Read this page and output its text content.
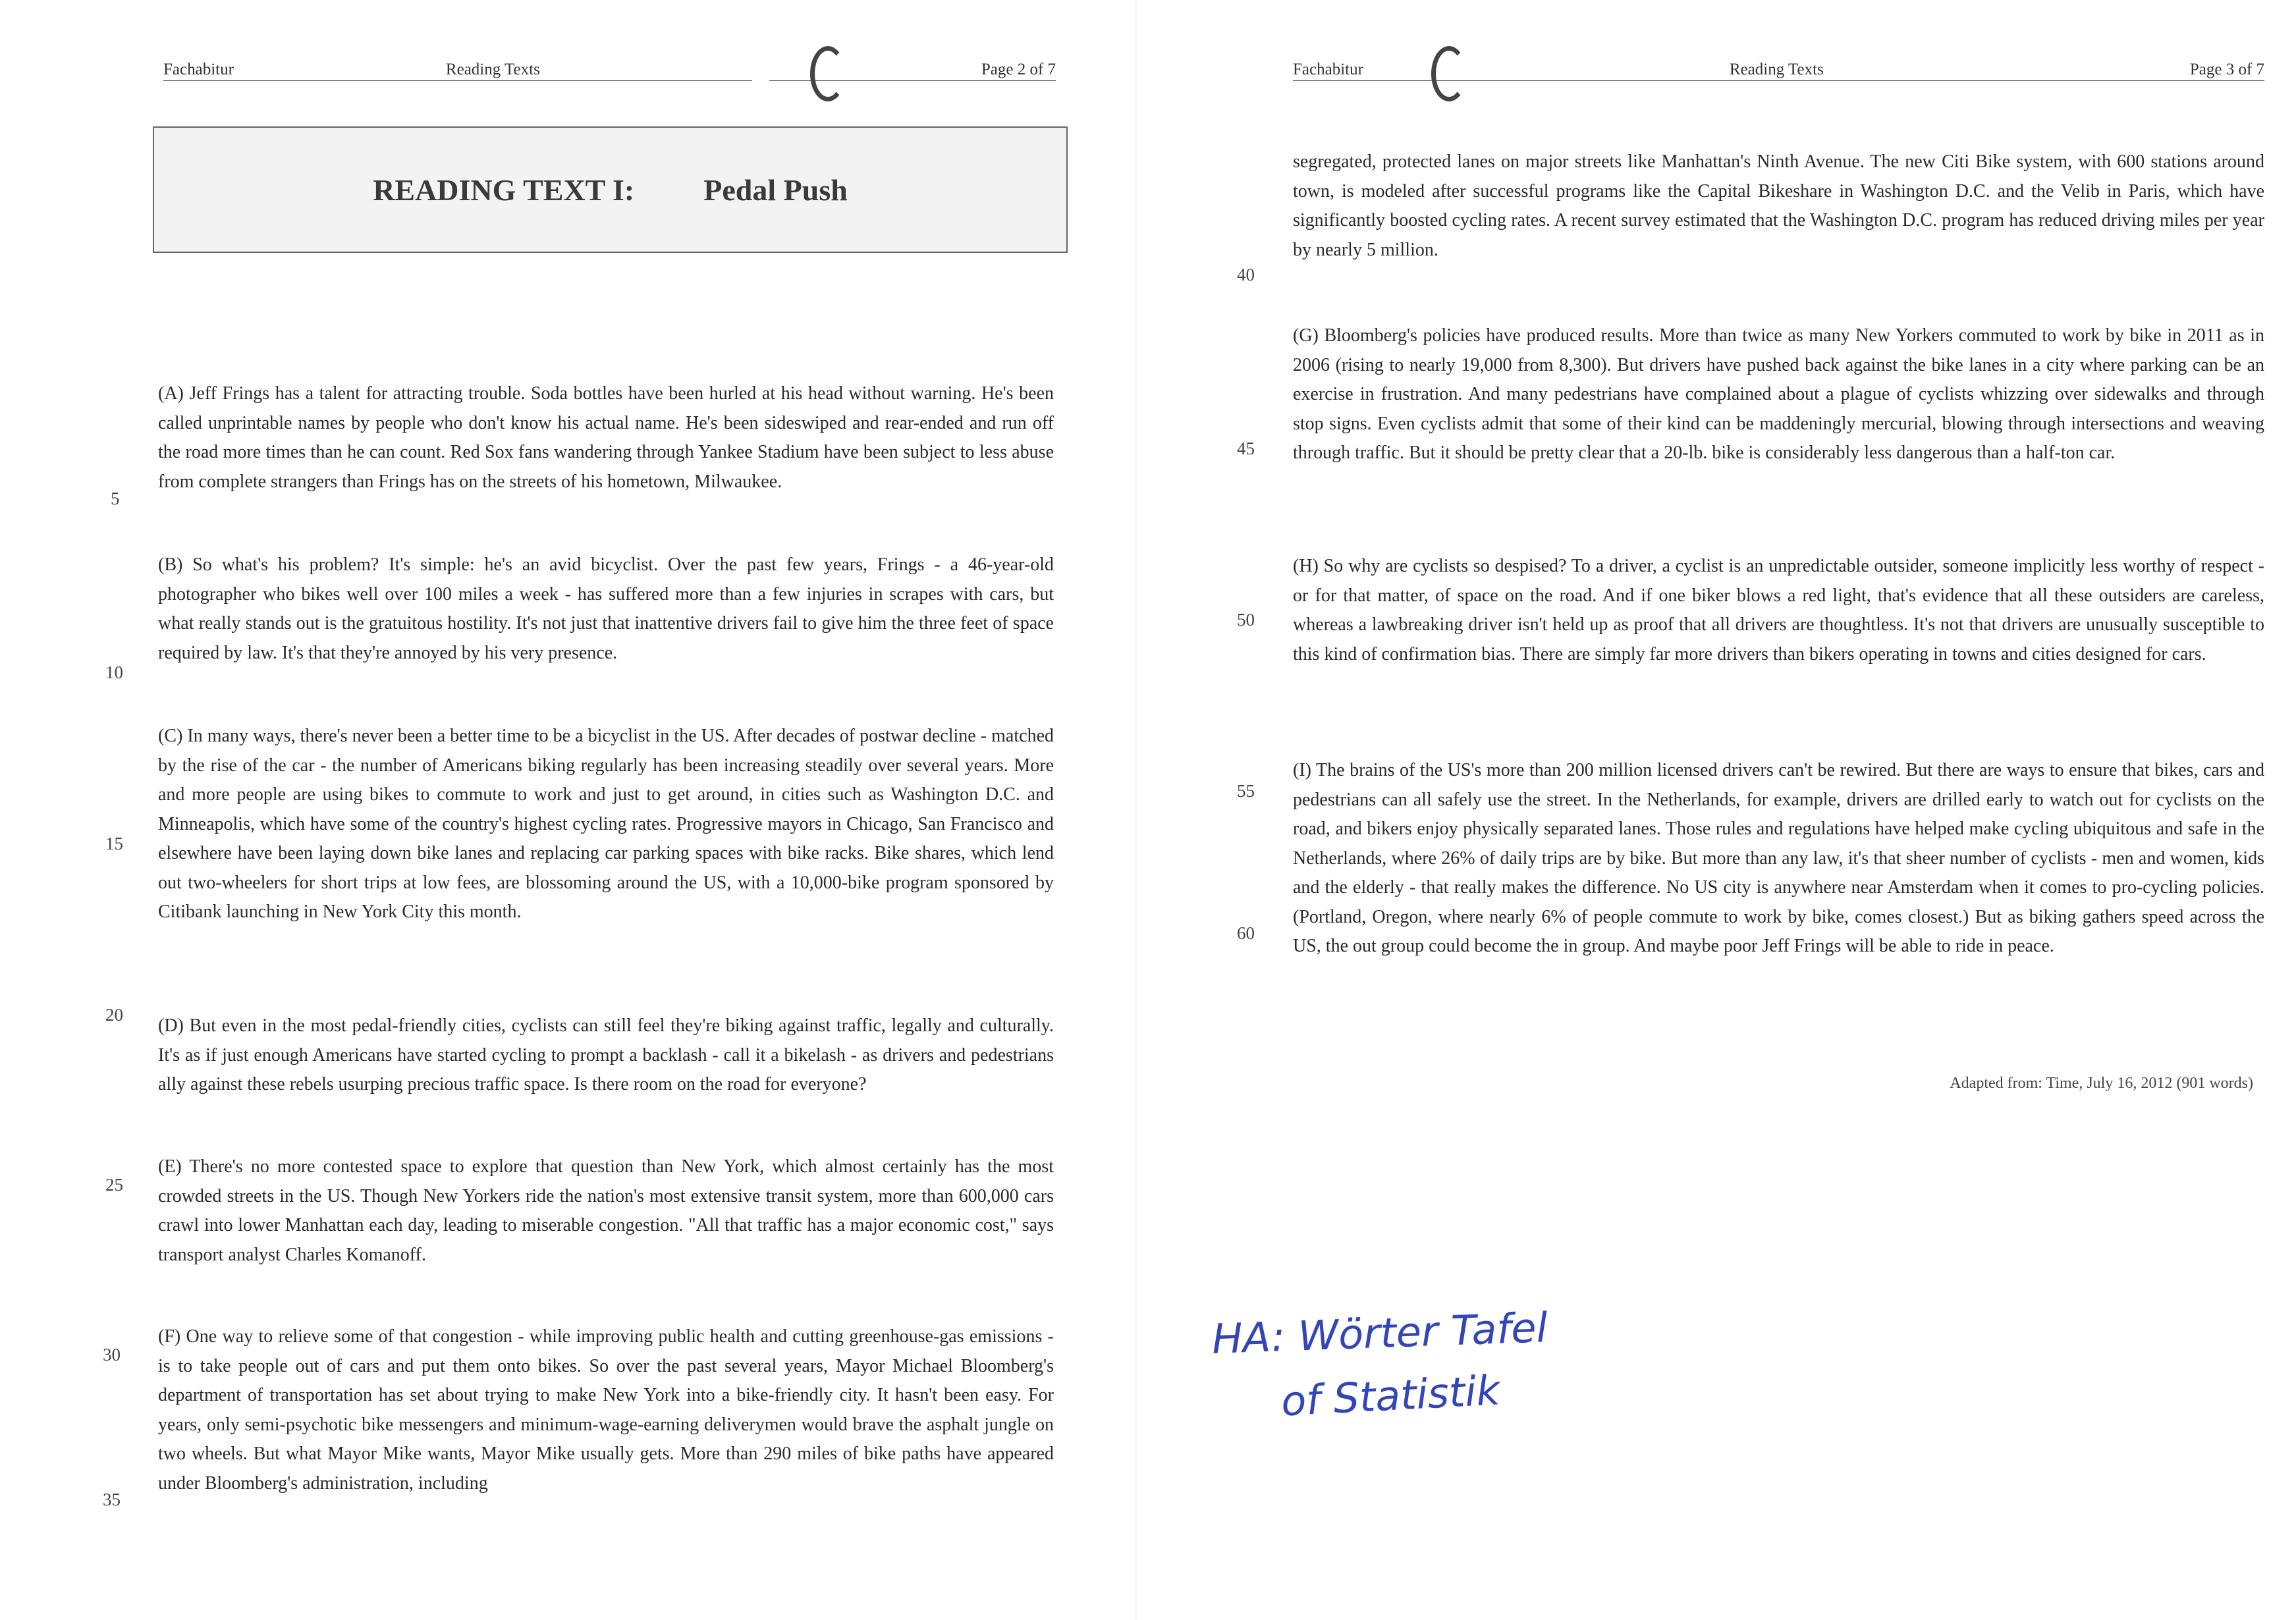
Fachabitur	Reading Texts	Page 2 of 7
READING TEXT I: Pedal Push

(A) Jeff Frings has a talent for attracting trouble. Soda bottles have been hurled at his head without warning. He's been called unprintable names by people who don't know his actual name. He's been sideswiped and rear-ended and run off the road more times than he can count. Red Sox fans wandering through Yankee Stadium have been subject to less abuse from complete strangers than Frings has on the streets of his hometown, Milwaukee.

(B) So what's his problem? It's simple: he's an avid bicyclist. Over the past few years, Frings - a 46-year-old photographer who bikes well over 100 miles a week - has suffered more than a few injuries in scrapes with cars, but what really stands out is the gratuitous hostility. It's not just that inattentive drivers fail to give him the three feet of space required by law. It's that they're annoyed by his very presence.

(C) In many ways, there's never been a better time to be a bicyclist in the US. After decades of postwar decline - matched by the rise of the car - the number of Americans biking regularly has been increasing steadily over several years. More and more people are using bikes to commute to work and just to get around, in cities such as Washington D.C. and Minneapolis, which have some of the country's highest cycling rates. Progressive mayors in Chicago, San Francisco and elsewhere have been laying down bike lanes and replacing car parking spaces with bike racks. Bike shares, which lend out two-wheelers for short trips at low fees, are blossoming around the US, with a 10,000-bike program sponsored by Citibank launching in New York City this month.

(D) But even in the most pedal-friendly cities, cyclists can still feel they're biking against traffic, legally and culturally. It's as if just enough Americans have started cycling to prompt a backlash - call it a bikelash - as drivers and pedestrians ally against these rebels usurping precious traffic space. Is there room on the road for everyone?

(E) There's no more contested space to explore that question than New York, which almost certainly has the most crowded streets in the US. Though New Yorkers ride the nation's most extensive transit system, more than 600,000 cars crawl into lower Manhattan each day, leading to miserable congestion. "All that traffic has a major economic cost," says transport analyst Charles Komanoff.

(F) One way to relieve some of that congestion - while improving public health and cutting greenhouse-gas emissions - is to take people out of cars and put them onto bikes. So over the past several years, Mayor Michael Bloomberg's department of transportation has set about trying to make New York into a bike-friendly city. It hasn't been easy. For years, only semi-psychotic bike messengers and minimum-wage-earning deliverymen would brave the asphalt jungle on two wheels. But what Mayor Mike wants, Mayor Mike usually gets. More than 290 miles of bike paths have appeared under Bloomberg's administration, including

5
10
15
20
25
30
35
Fachabitur	Reading Texts	Page 3 of 7

segregated, protected lanes on major streets like Manhattan's Ninth Avenue. The new Citi Bike system, with 600 stations around town, is modeled after successful programs like the Capital Bikeshare in Washington D.C. and the Velib in Paris, which have significantly boosted cycling rates. A recent survey estimated that the Washington D.C. program has reduced driving miles per year by nearly 5 million.

(G) Bloomberg's policies have produced results. More than twice as many New Yorkers commuted to work by bike in 2011 as in 2006 (rising to nearly 19,000 from 8,300). But drivers have pushed back against the bike lanes in a city where parking can be an exercise in frustration. And many pedestrians have complained about a plague of cyclists whizzing over sidewalks and through stop signs. Even cyclists admit that some of their kind can be maddeningly mercurial, blowing through intersections and weaving through traffic. But it should be pretty clear that a 20-lb. bike is considerably less dangerous than a half-ton car.

(H) So why are cyclists so despised? To a driver, a cyclist is an unpredictable outsider, someone implicitly less worthy of respect - or for that matter, of space on the road. And if one biker blows a red light, that's evidence that all these outsiders are careless, whereas a lawbreaking driver isn't held up as proof that all drivers are thoughtless. It's not that drivers are unusually susceptible to this kind of confirmation bias. There are simply far more drivers than bikers operating in towns and cities designed for cars.

(I) The brains of the US's more than 200 million licensed drivers can't be rewired. But there are ways to ensure that bikes, cars and pedestrians can all safely use the street. In the Netherlands, for example, drivers are drilled early to watch out for cyclists on the road, and bikers enjoy physically separated lanes. Those rules and regulations have helped make cycling ubiquitous and safe in the Netherlands, where 26% of daily trips are by bike. But more than any law, it's that sheer number of cyclists - men and women, kids and the elderly - that really makes the difference. No US city is anywhere near Amsterdam when it comes to pro-cycling policies. (Portland, Oregon, where nearly 6% of people commute to work by bike, comes closest.) But as biking gathers speed across the US, the out group could become the in group. And maybe poor Jeff Frings will be able to ride in peace.

40
45
50
55
60
Adapted from: Time, July 16, 2012 (901 words)
HA: Wörter Tafel
of Statistik
